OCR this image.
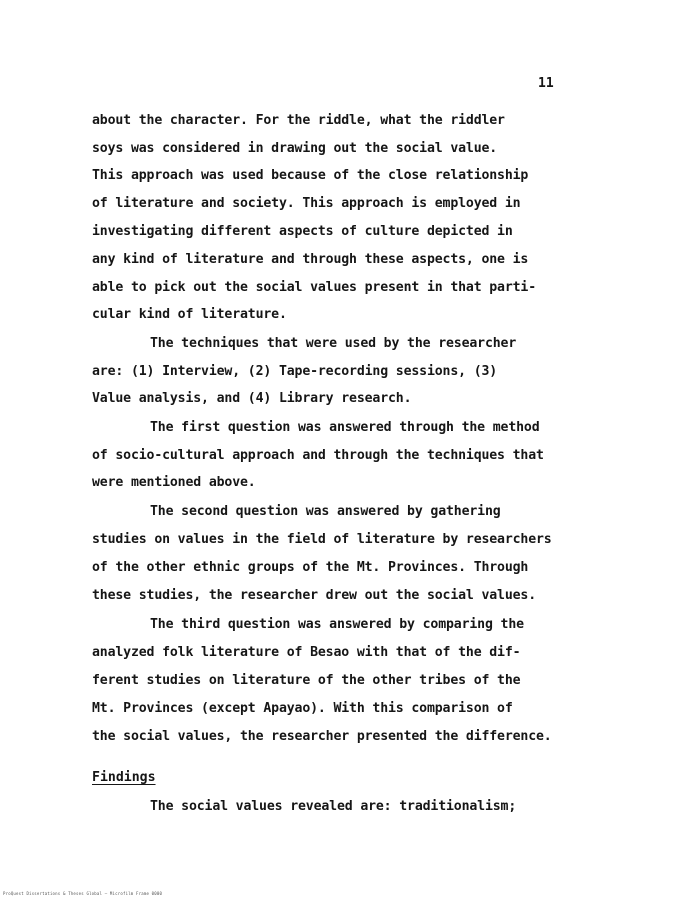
11
about the character. For the riddle, what the riddler
soys was considered in drawing out the social value.
This approach was used because of the close relationship
of literature and society. This approach is employed in
investigating different aspects of culture depicted in
any kind of literature and through these aspects, one is
able to pick out the social values present in that parti-
cular kind of literature.
The techniques that were used by the researcher
are: (1) Interview, (2) Tape-recording sessions, (3)
Value analysis, and (4) Library research.
The first question was answered through the method
of socio-cultural approach and through the techniques that
were mentioned above.
The second question was answered by gathering
studies on values in the field of literature by researchers
of the other ethnic groups of the Mt. Provinces. Through
these studies, the researcher drew out the social values.
The third question was answered by comparing the
analyzed folk literature of Besao with that of the dif-
ferent studies on literature of the other tribes of the
Mt. Provinces (except Apayao). With this comparison of
the social values, the researcher presented the difference.
Findings
The social values revealed are: traditionalism;
ProQuest Dissertations & Theses Global — Microfilm Frame 0000
